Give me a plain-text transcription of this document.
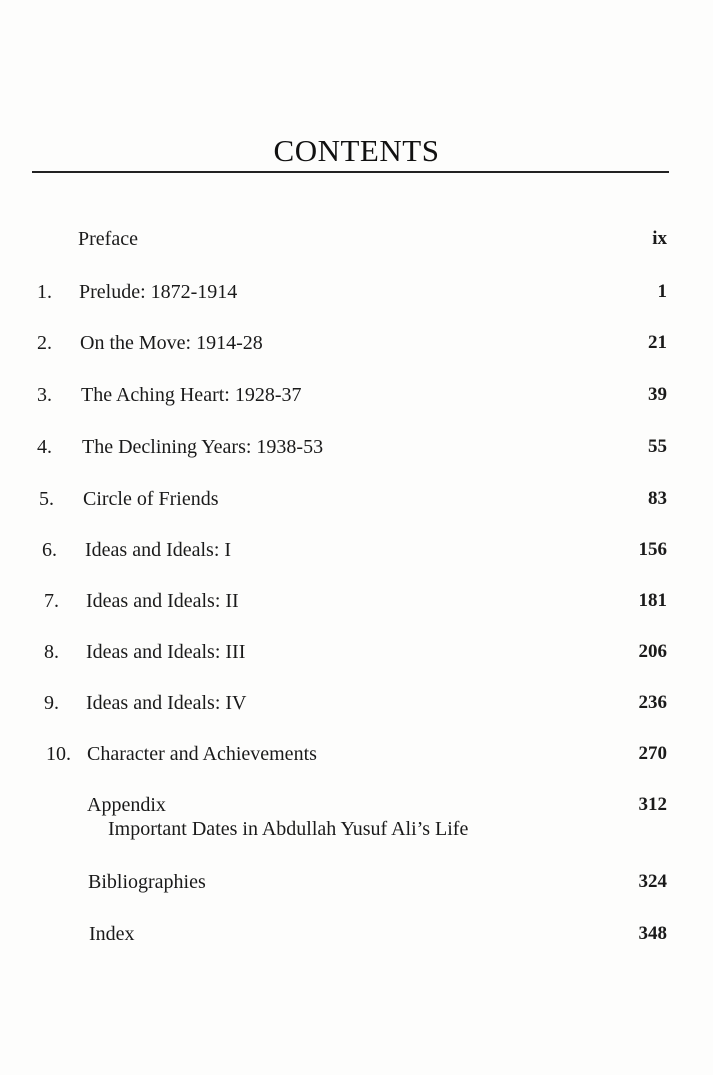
CONTENTS
Preface	ix
1. Prelude: 1872-1914	1
2. On the Move: 1914-28	21
3. The Aching Heart: 1928-37	39
4. The Declining Years: 1938-53	55
5. Circle of Friends	83
6. Ideas and Ideals: I	156
7. Ideas and Ideals: II	181
8. Ideas and Ideals: III	206
9. Ideas and Ideals: IV	236
10. Character and Achievements	270
Appendix	312
Important Dates in Abdullah Yusuf Ali’s Life
Bibliographies	324
Index	348
